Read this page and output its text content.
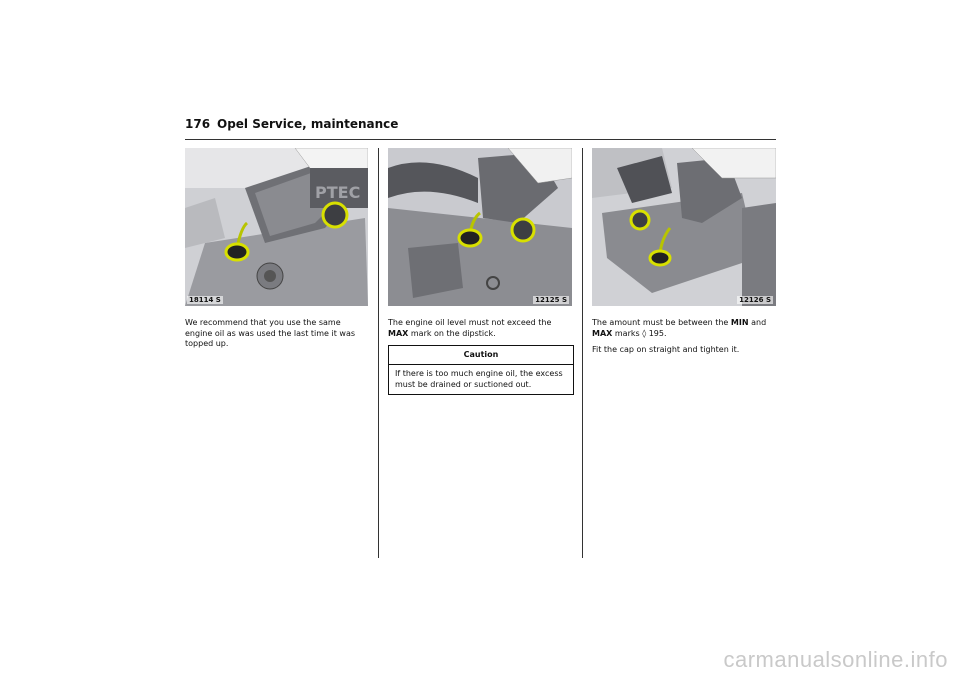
176 Opel Service, maintenance
PTEC
18114 S	12125 S	12126 S
We recommend that you use the same engine oil as was used the last time it was topped up.
The engine oil level must not exceed the
MAX mark on the dipstick.
Caution
If there is too much engine oil, the excess must be drained or suctioned out.
The amount must be between the MIN and
MAX marks ◊ 195.
Fit the cap on straight and tighten it.
carmanualsonline.info
